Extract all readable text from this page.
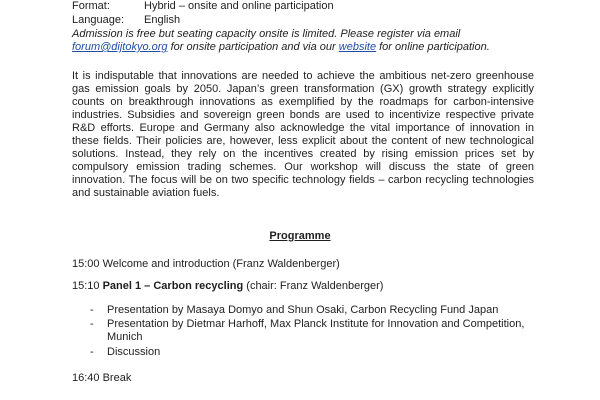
Format:	Hybrid – onsite and online participation
Language: English
Admission is free but seating capacity onsite is limited. Please register via email forum@dijtokyo.org for onsite participation and via our website for online participation.
It is indisputable that innovations are needed to achieve the ambitious net-zero greenhouse gas emission goals by 2050. Japan’s green transformation (GX) growth strategy explicitly counts on breakthrough innovations as exemplified by the roadmaps for carbon-intensive industries. Subsidies and sovereign green bonds are used to incentivize respective private R&D efforts. Europe and Germany also acknowledge the vital importance of innovation in these fields. Their policies are, however, less explicit about the content of new technological solutions. Instead, they rely on the incentives created by rising emission prices set by compulsory emission trading schemes. Our workshop will discuss the state of green innovation. The focus will be on two specific technology fields – carbon recycling technologies and sustainable aviation fuels.
Programme
15:00 Welcome and introduction (Franz Waldenberger)
15:10 Panel 1 – Carbon recycling (chair: Franz Waldenberger)
-	Presentation by Masaya Domyo and Shun Osaki, Carbon Recycling Fund Japan
-	Presentation by Dietmar Harhoff, Max Planck Institute for Innovation and Competition, Munich
-	Discussion
16:40 Break
